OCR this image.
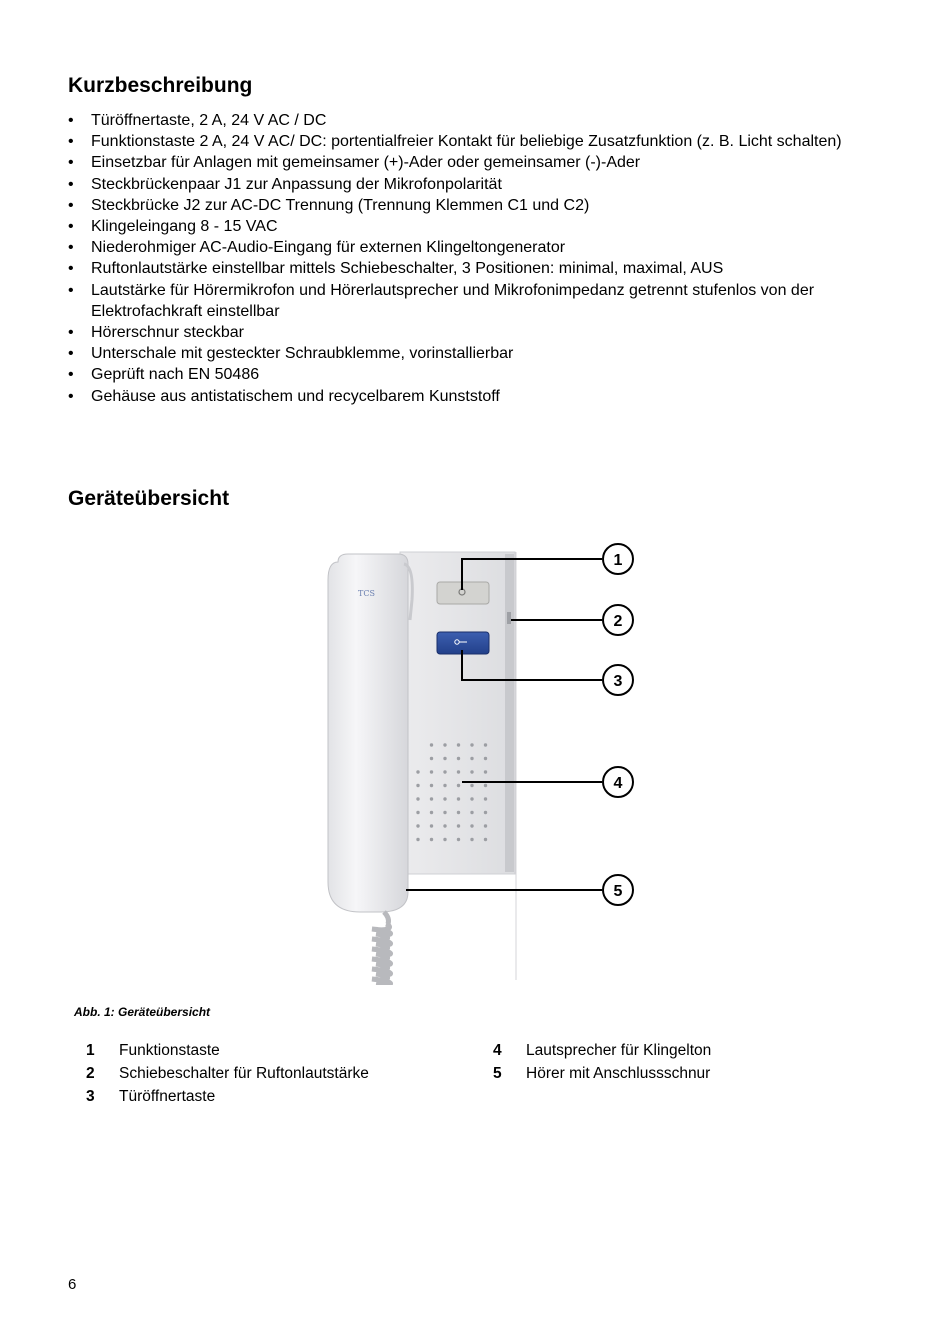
Kurzbeschreibung
• Türöffnertaste, 2 A, 24 V AC / DC
• Funktionstaste 2 A, 24 V AC/ DC: portentialfreier Kontakt für beliebige Zusatzfunktion (z. B. Licht schalten)
• Einsetzbar für Anlagen mit gemeinsamer (+)-Ader oder gemeinsamer (-)-Ader
• Steckbrückenpaar J1 zur Anpassung der Mikrofonpolarität
• Steckbrücke J2 zur AC-DC Trennung (Trennung Klemmen C1 und C2)
• Klingeleingang 8 - 15 VAC
• Niederohmiger AC-Audio-Eingang für externen Klingeltongenerator
• Ruftonlautstärke einstellbar mittels Schiebeschalter, 3 Positionen: minimal, maximal, AUS
• Lautstärke für Hörermikrofon und Hörerlautsprecher und Mikrofonimpedanz getrennt stufenlos von der Elektrofachkraft einstellbar
• Hörerschnur steckbar
• Unterschale mit gesteckter Schraubklemme, vorinstallierbar
• Geprüft nach EN 50486
• Gehäuse aus antistatischem und recycelbarem Kunststoff
Geräteübersicht
TCS
1
2
3
4
5
Abb. 1: Geräteübersicht
1	Funktionstaste
2	Schiebeschalter für Ruftonlautstärke
3	Türöffnertaste
4	Lautsprecher für Klingelton
5	Hörer mit Anschlussschnur
6
